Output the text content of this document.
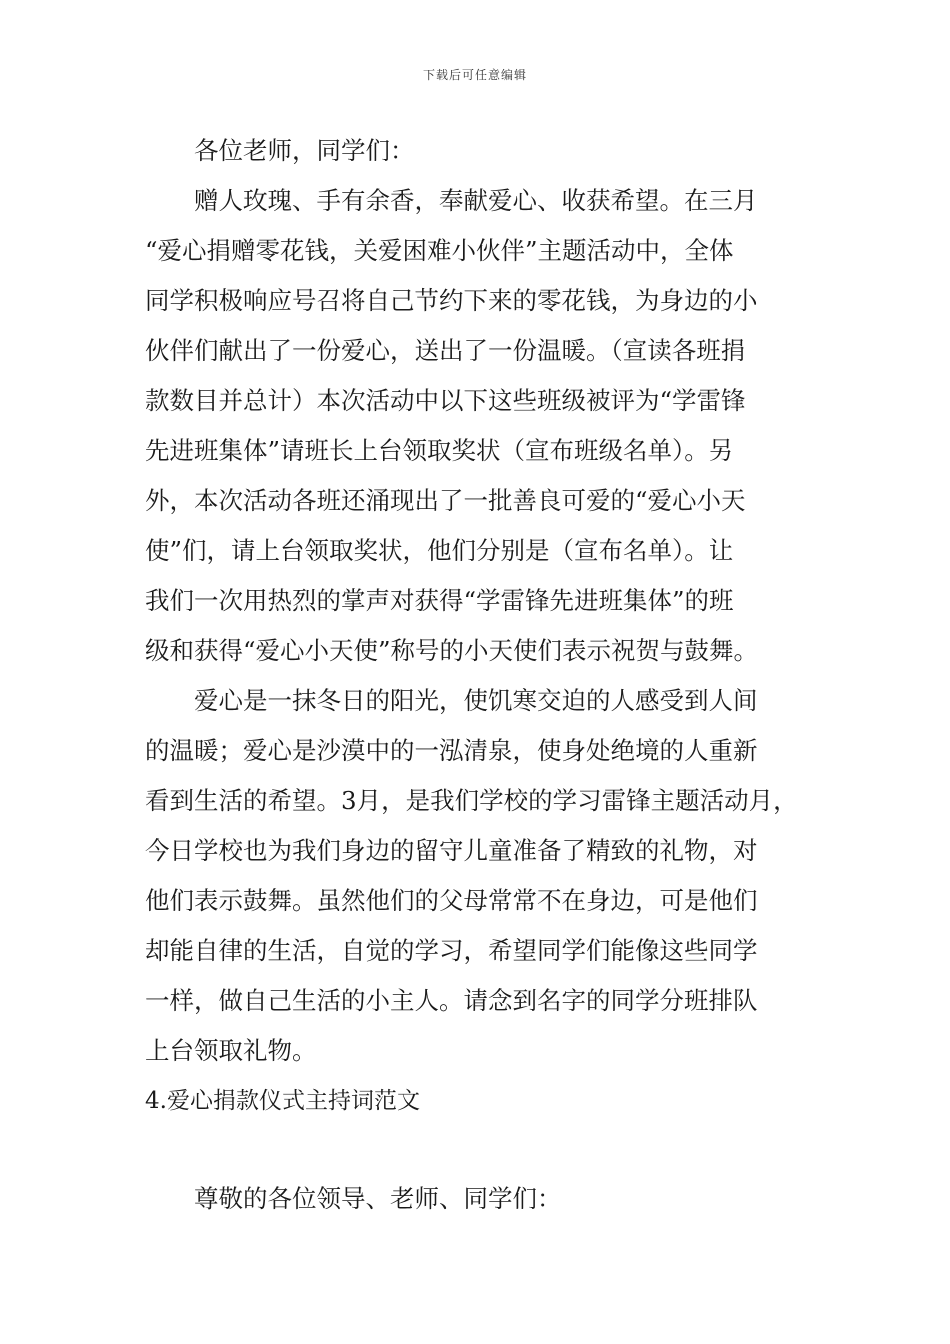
下载后可任意编辑
各位老师，同学们：
赠人玫瑰、手有余香，奉献爱心、收获希望。在三月
“爱心捐赠零花钱，关爱困难小伙伴”主题活动中，全体
同学积极响应号召将自己节约下来的零花钱，为身边的小
伙伴们献出了一份爱心，送出了一份温暖。（宣读各班捐
款数目并总计）本次活动中以下这些班级被评为“学雷锋
先进班集体”请班长上台领取奖状（宣布班级名单）。另
外，本次活动各班还涌现出了一批善良可爱的“爱心小天
使”们，请上台领取奖状，他们分别是（宣布名单）。让
我们一次用热烈的掌声对获得“学雷锋先进班集体”的班
级和获得“爱心小天使”称号的小天使们表示祝贺与鼓舞。
爱心是一抹冬日的阳光，使饥寒交迫的人感受到人间
的温暖；爱心是沙漠中的一泓清泉，使身处绝境的人重新
看到生活的希望。3月，是我们学校的学习雷锋主题活动月，
今日学校也为我们身边的留守儿童准备了精致的礼物，对
他们表示鼓舞。虽然他们的父母常常不在身边，可是他们
却能自律的生活，自觉的学习，希望同学们能像这些同学
一样，做自己生活的小主人。请念到名字的同学分班排队
上台领取礼物。
4.爱心捐款仪式主持词范文
尊敬的各位领导、老师、同学们：
